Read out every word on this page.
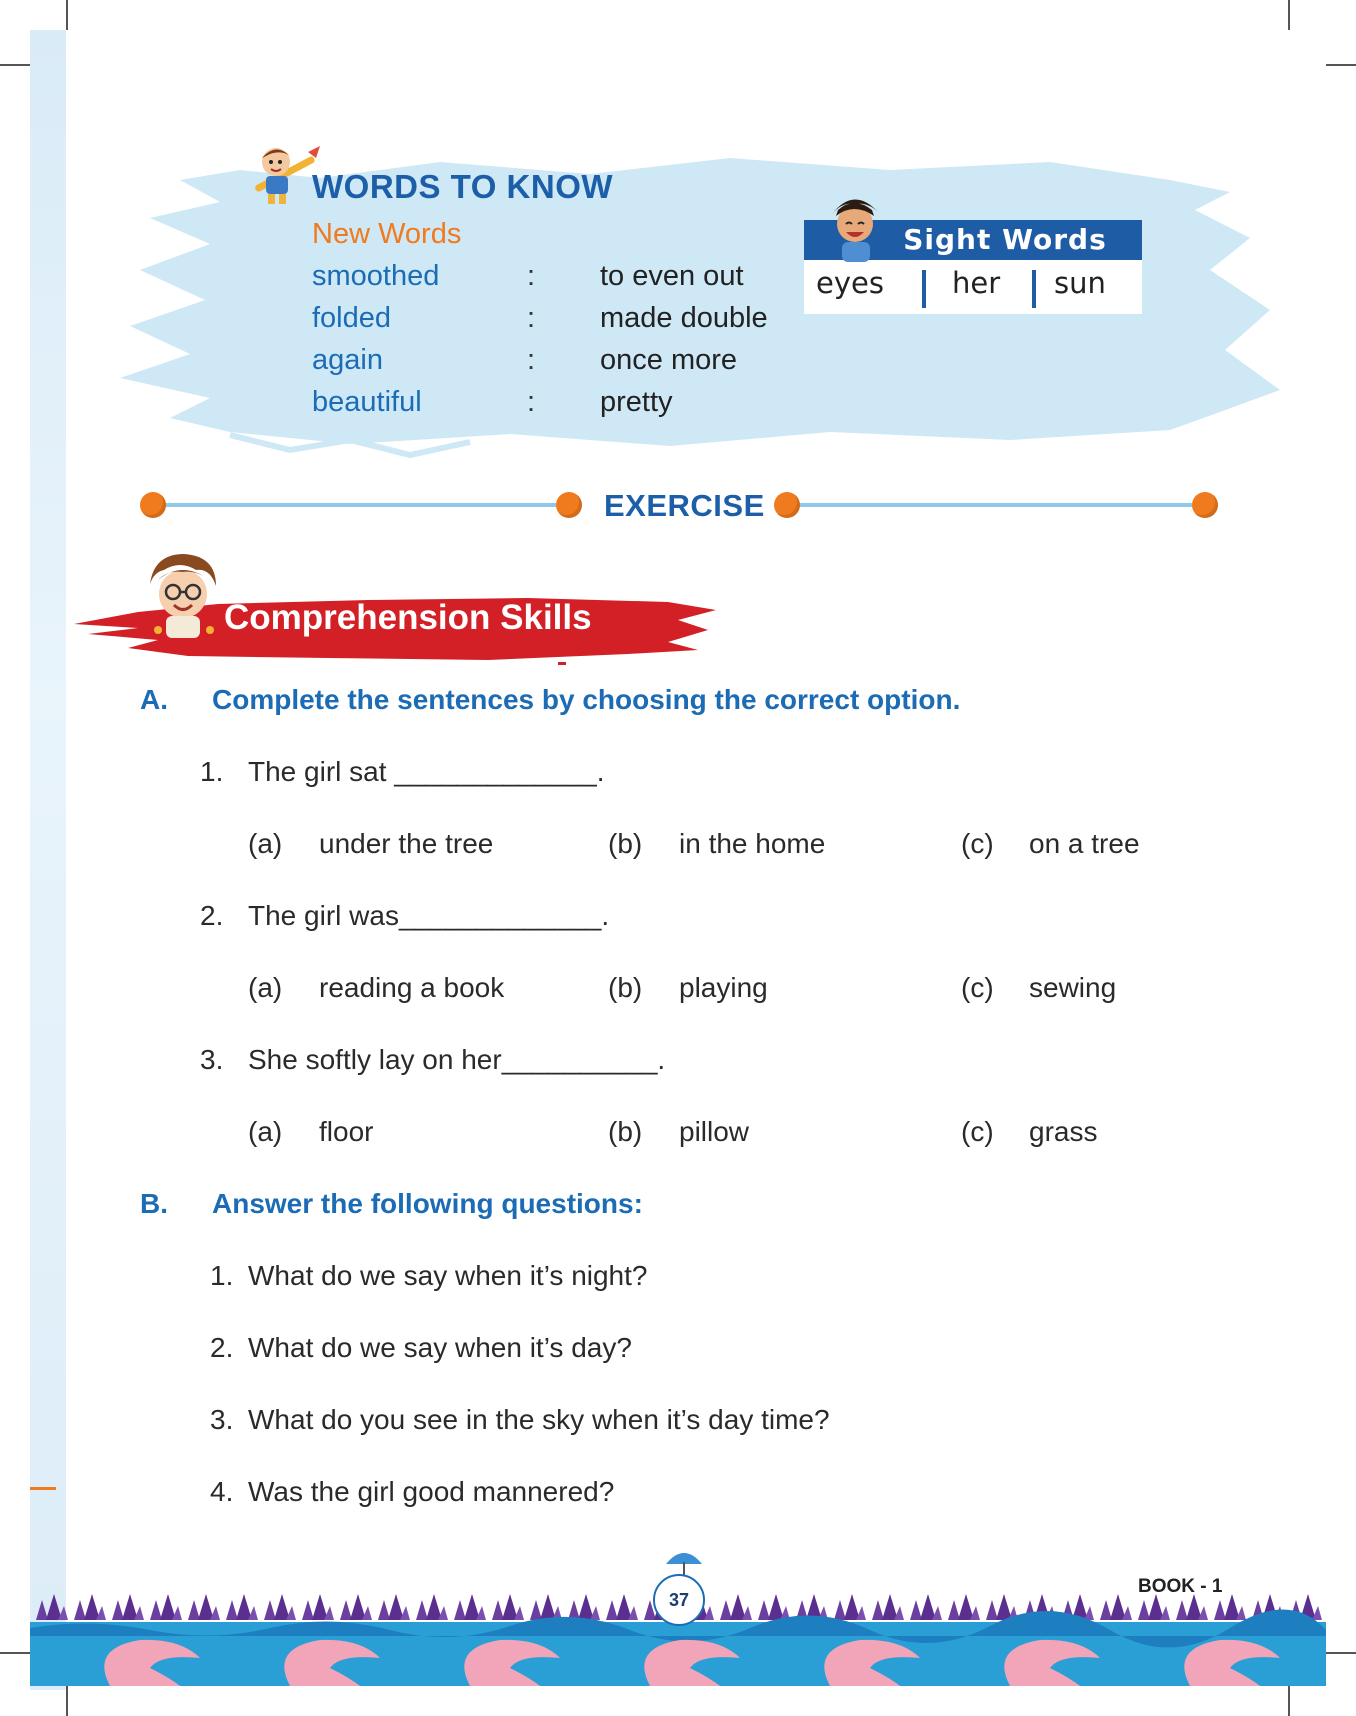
WORDS TO KNOW
New Words
smoothed	: to even out
folded	: made double
again	: once more
beautiful	: pretty
Sight Words
eyes her sun
EXERCISE
Comprehension Skills
A. Complete the sentences by choosing the correct option.
1. The girl sat _____________.
(a) under the tree	(b) in the home	(c) on a tree
2. The girl was_____________.
(a) reading a book	(b) playing	(c) sewing
3. She softly lay on her__________.
(a) floor	(b) pillow	(c) grass
B. Answer the following questions:
1. What do we say when it’s night?
2. What do we say when it’s day?
3. What do you see in the sky when it’s day time?
4. Was the girl good mannered?
37
BOOK - 1
